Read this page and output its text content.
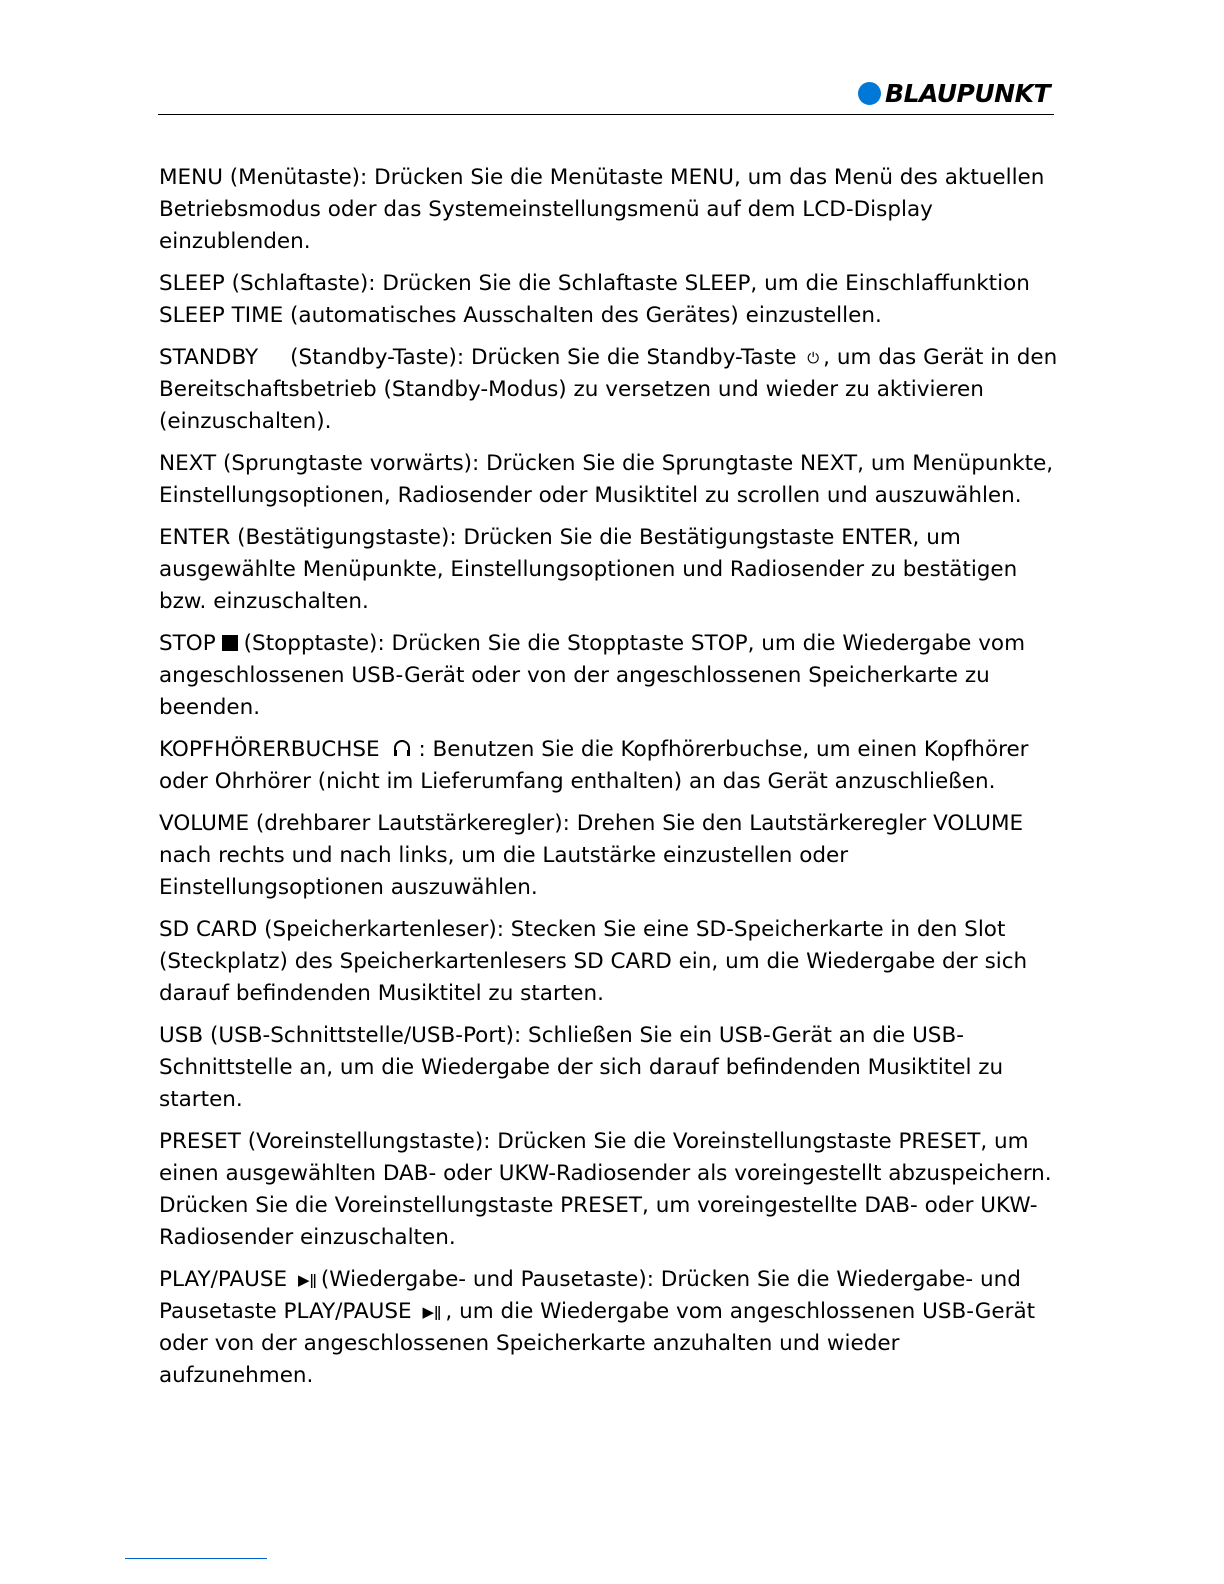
BLAUPUNKT

MENU (Menütaste): Drücken Sie die Menütaste MENU, um das Menü des aktuellen Betriebsmodus oder das Systemeinstellungsmenü auf dem LCD-Display einzublenden.

SLEEP (Schlaftaste): Drücken Sie die Schlaftaste SLEEP, um die Einschlaffunktion SLEEP TIME (automatisches Ausschalten des Gerätes) einzustellen.

STANDBY (Standby-Taste): Drücken Sie die Standby-Taste ⏻ , um das Gerät in den Bereitschaftsbetrieb (Standby-Modus) zu versetzen und wieder zu aktivieren (einzuschalten).

NEXT (Sprungtaste vorwärts): Drücken Sie die Sprungtaste NEXT, um Menüpunkte, Einstellungsoptionen, Radiosender oder Musiktitel zu scrollen und auszuwählen.

ENTER (Bestätigungstaste): Drücken Sie die Bestätigungstaste ENTER, um ausgewählte Menüpunkte, Einstellungsoptionen und Radiosender zu bestätigen bzw. einzuschalten.

STOP (Stopptaste): Drücken Sie die Stopptaste STOP, um die Wiedergabe vom angeschlossenen USB-Gerät oder von der angeschlossenen Speicherkarte zu beenden.

KOPFHÖRERBUCHSE : Benutzen Sie die Kopfhörerbuchse, um einen Kopfhörer oder Ohrhörer (nicht im Lieferumfang enthalten) an das Gerät anzuschließen.

VOLUME (drehbarer Lautstärkeregler): Drehen Sie den Lautstärkeregler VOLUME nach rechts und nach links, um die Lautstärke einzustellen oder Einstellungsoptionen auszuwählen.

SD CARD (Speicherkartenleser): Stecken Sie eine SD-Speicherkarte in den Slot (Steckplatz) des Speicherkartenlesers SD CARD ein, um die Wiedergabe der sich darauf befindenden Musiktitel zu starten.

USB (USB-Schnittstelle/USB-Port): Schließen Sie ein USB-Gerät an die USB-Schnittstelle an, um die Wiedergabe der sich darauf befindenden Musiktitel zu starten.

PRESET (Voreinstellungstaste): Drücken Sie die Voreinstellungstaste PRESET, um einen ausgewählten DAB- oder UKW-Radiosender als voreingestellt abzuspeichern. Drücken Sie die Voreinstellungstaste PRESET, um voreingestellte DAB- oder UKW-Radiosender einzuschalten.

PLAY/PAUSE ▶ǁ (Wiedergabe- und Pausetaste): Drücken Sie die Wiedergabe- und Pausetaste PLAY/PAUSE ▶ǁ , um die Wiedergabe vom angeschlossenen USB-Gerät oder von der angeschlossenen Speicherkarte anzuhalten und wieder aufzunehmen.
